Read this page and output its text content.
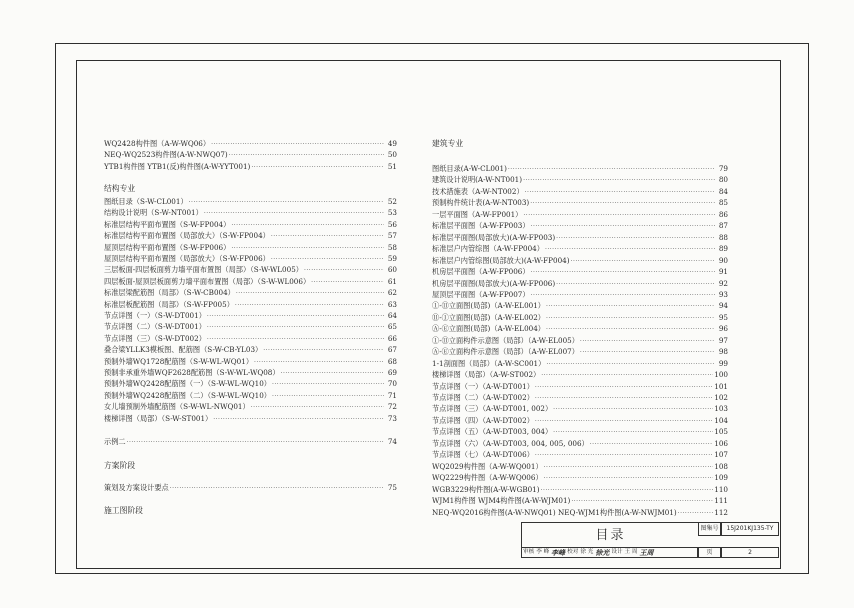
WQ2428构件图（A-W-WQ06） ·····	49
NEQ-WQ2523构件图(A-W-NWQ07) ·····	50
YTB1构件图 YTB1(反)构件图(A-W-YYT001) ·····	51
结构专业
图纸目录（S-W-CL001） ·····	52
结构设计说明（S-W-NT001） ·····	53
标准层结构平面布置图（S-W-FP004） ·····	56
标准层结构平面布置图（局部放大）（S-W-FP004） ·····	57
屋顶层结构平面布置图（S-W-FP006） ·····	58
屋顶层结构平面布置图（局部放大）（S-W-FP006） ·····	59
三层板面-四层板面剪力墙平面布置图（局部）（S-W-WL005） ·····	60
四层板面-屋顶层板面剪力墙平面布置图（局部）（S-W-WL006） ·····	61
标准层梁配筋图（局部）（S-W-CB004） ·····	62
标准层板配筋图（局部）（S-W-FP005） ·····	63
节点详图（一）（S-W-DT001） ·····	64
节点详图（二）（S-W-DT001） ·····	65
节点详图（三）（S-W-DT002） ·····	66
叠合梁YLLK3模板图、配筋图（S-W-CB-YL03） ·····	67
预制外墙WQ1728配筋图（S-W-WL-WQ01） ·····	68
预制非承重外墙WQF2628配筋图（S-W-WL-WQ08） ·····	69
预制外墙WQ2428配筋图（一）（S-W-WL-WQ10） ·····	70
预制外墙WQ2428配筋图（二）（S-W-WL-WQ10） ·····	71
女儿墙预制外墙配筋图（S-W-WL-NWQ01） ·····	72
楼梯详图（局部）（S-W-ST001） ·····	73
示例二 ·····	74
方案阶段
策划及方案设计要点 ·····	75
施工图阶段
建筑专业
图纸目录(A-W-CL001) ·····	79
建筑设计说明(A-W-NT001) ·····	80
技术措施表（A-W-NT002） ·····	84
预制构件统计表(A-W-NT003) ·····	85
一层平面图（A-W-FP001） ·····	86
标准层平面图（A-W-FP003） ·····	87
标准层平面图(局部放大)(A-W-FP003) ·····	88
标准层户内管综图（A-W-FP004） ·····	89
标准层户内管综图(局部放大)(A-W-FP004) ·····	90
机房层平面图（A-W-FP006） ·····	91
机房层平面图(局部放大)(A-W-FP006) ·····	92
屋顶层平面图（A-W-FP007） ·····	93
①-⑪立面图(局部)（A-W-EL001） ·····	94
⑪-①立面图(局部)（A-W-EL002） ·····	95
Ⓐ-Ⓔ立面图(局部)（A-W-EL004） ·····	96
①-⑪立面构件示意图（局部）（A-W-EL005） ·····	97
Ⓐ-Ⓔ立面构件示意图（局部）（A-W-EL007） ·····	98
1-1剖面图（局部）（A-W-SC001） ·····	99
楼梯详图（局部）（A-W-ST002） ·····	100
节点详图（一）（A-W-DT001） ·····	101
节点详图（二）（A-W-DT002） ·····	102
节点详图（三）（A-W-DT001, 002） ·····	103
节点详图（四）（A-W-DT002） ·····	104
节点详图（五）（A-W-DT003, 004） ·····	105
节点详图（六）（A-W-DT003, 004, 005, 006） ·····	106
节点详图（七）（A-W-DT006） ·····	107
WQ2029构件图（A-W-WQ001） ·····	108
WQ2229构件图（A-W-WQ006） ·····	109
WGB3229构件图(A-W-WGB01) ·····	110
WJM1构件图 WJM4构件图(A-W-WJM01) ·····	111
NEQ-WQ2016构件图(A-W-NWQ01) NEQ-WJM1构件图(A-W-NWJM01) ·····	112
目录	图集号	15J201KJ135-TY
页	2
审核 李 峰 李峰 校对 徐 光 徐光 设计 王 周 王周
